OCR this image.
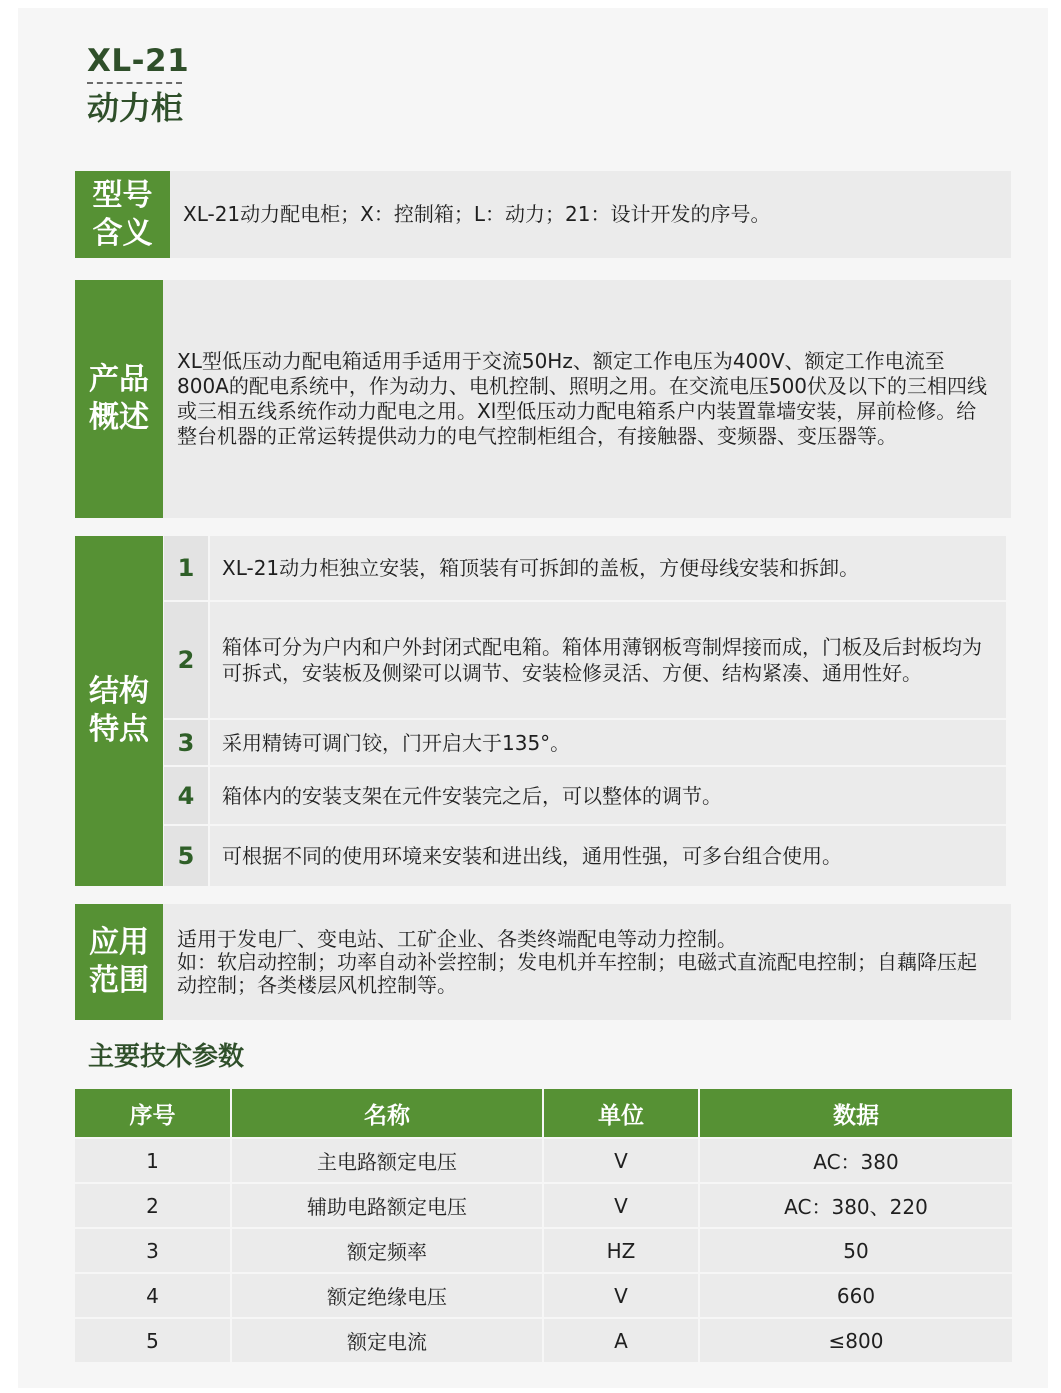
XL-21
动力柜
型号
含义

XL-21动力配电柜；X：控制箱；L：动力；21：设计开发的序号。

产品
概述

XL型低压动力配电箱适用手适用于交流50Hz、额定工作电压为400V、额定工作电流至800A的配电系统中，作为动力、电机控制、照明之用。在交流电压500伏及以下的三相四线或三相五线系统作动力配电之用。Xl型低压动力配电箱系户内装置靠墙安装，屏前检修。给整台机器的正常运转提供动力的电气控制柜组合，有接触器、变频器、变压器等。

结构
特点
1	XL-21动力柜独立安装，箱顶装有可拆卸的盖板，方便母线安装和拆卸。
2	箱体可分为户内和户外封闭式配电箱。箱体用薄钢板弯制焊接而成，门板及后封板均为可拆式，安装板及侧梁可以调节、安装检修灵活、方便、结构紧凑、通用性好。
3	采用精铸可调门铰，门开启大于135°。
4	箱体内的安装支架在元件安装完之后，可以整体的调节。
5	可根据不同的使用环境来安装和进出线，通用性强，可多台组合使用。
应用
范围

适用于发电厂、变电站、工矿企业、各类终端配电等动力控制。

如：软启动控制；功率自动补尝控制；发电机并车控制；电磁式直流配电控制；自藕降压起动控制；各类楼层风机控制等。

主要技术参数
序号	名称	单位	数据
1	主电路额定电压	V	AC：380
2	辅助电路额定电压	V	AC：380、220
3	额定频率	HZ	50
4	额定绝缘电压	V	660
5	额定电流	A	≤800
